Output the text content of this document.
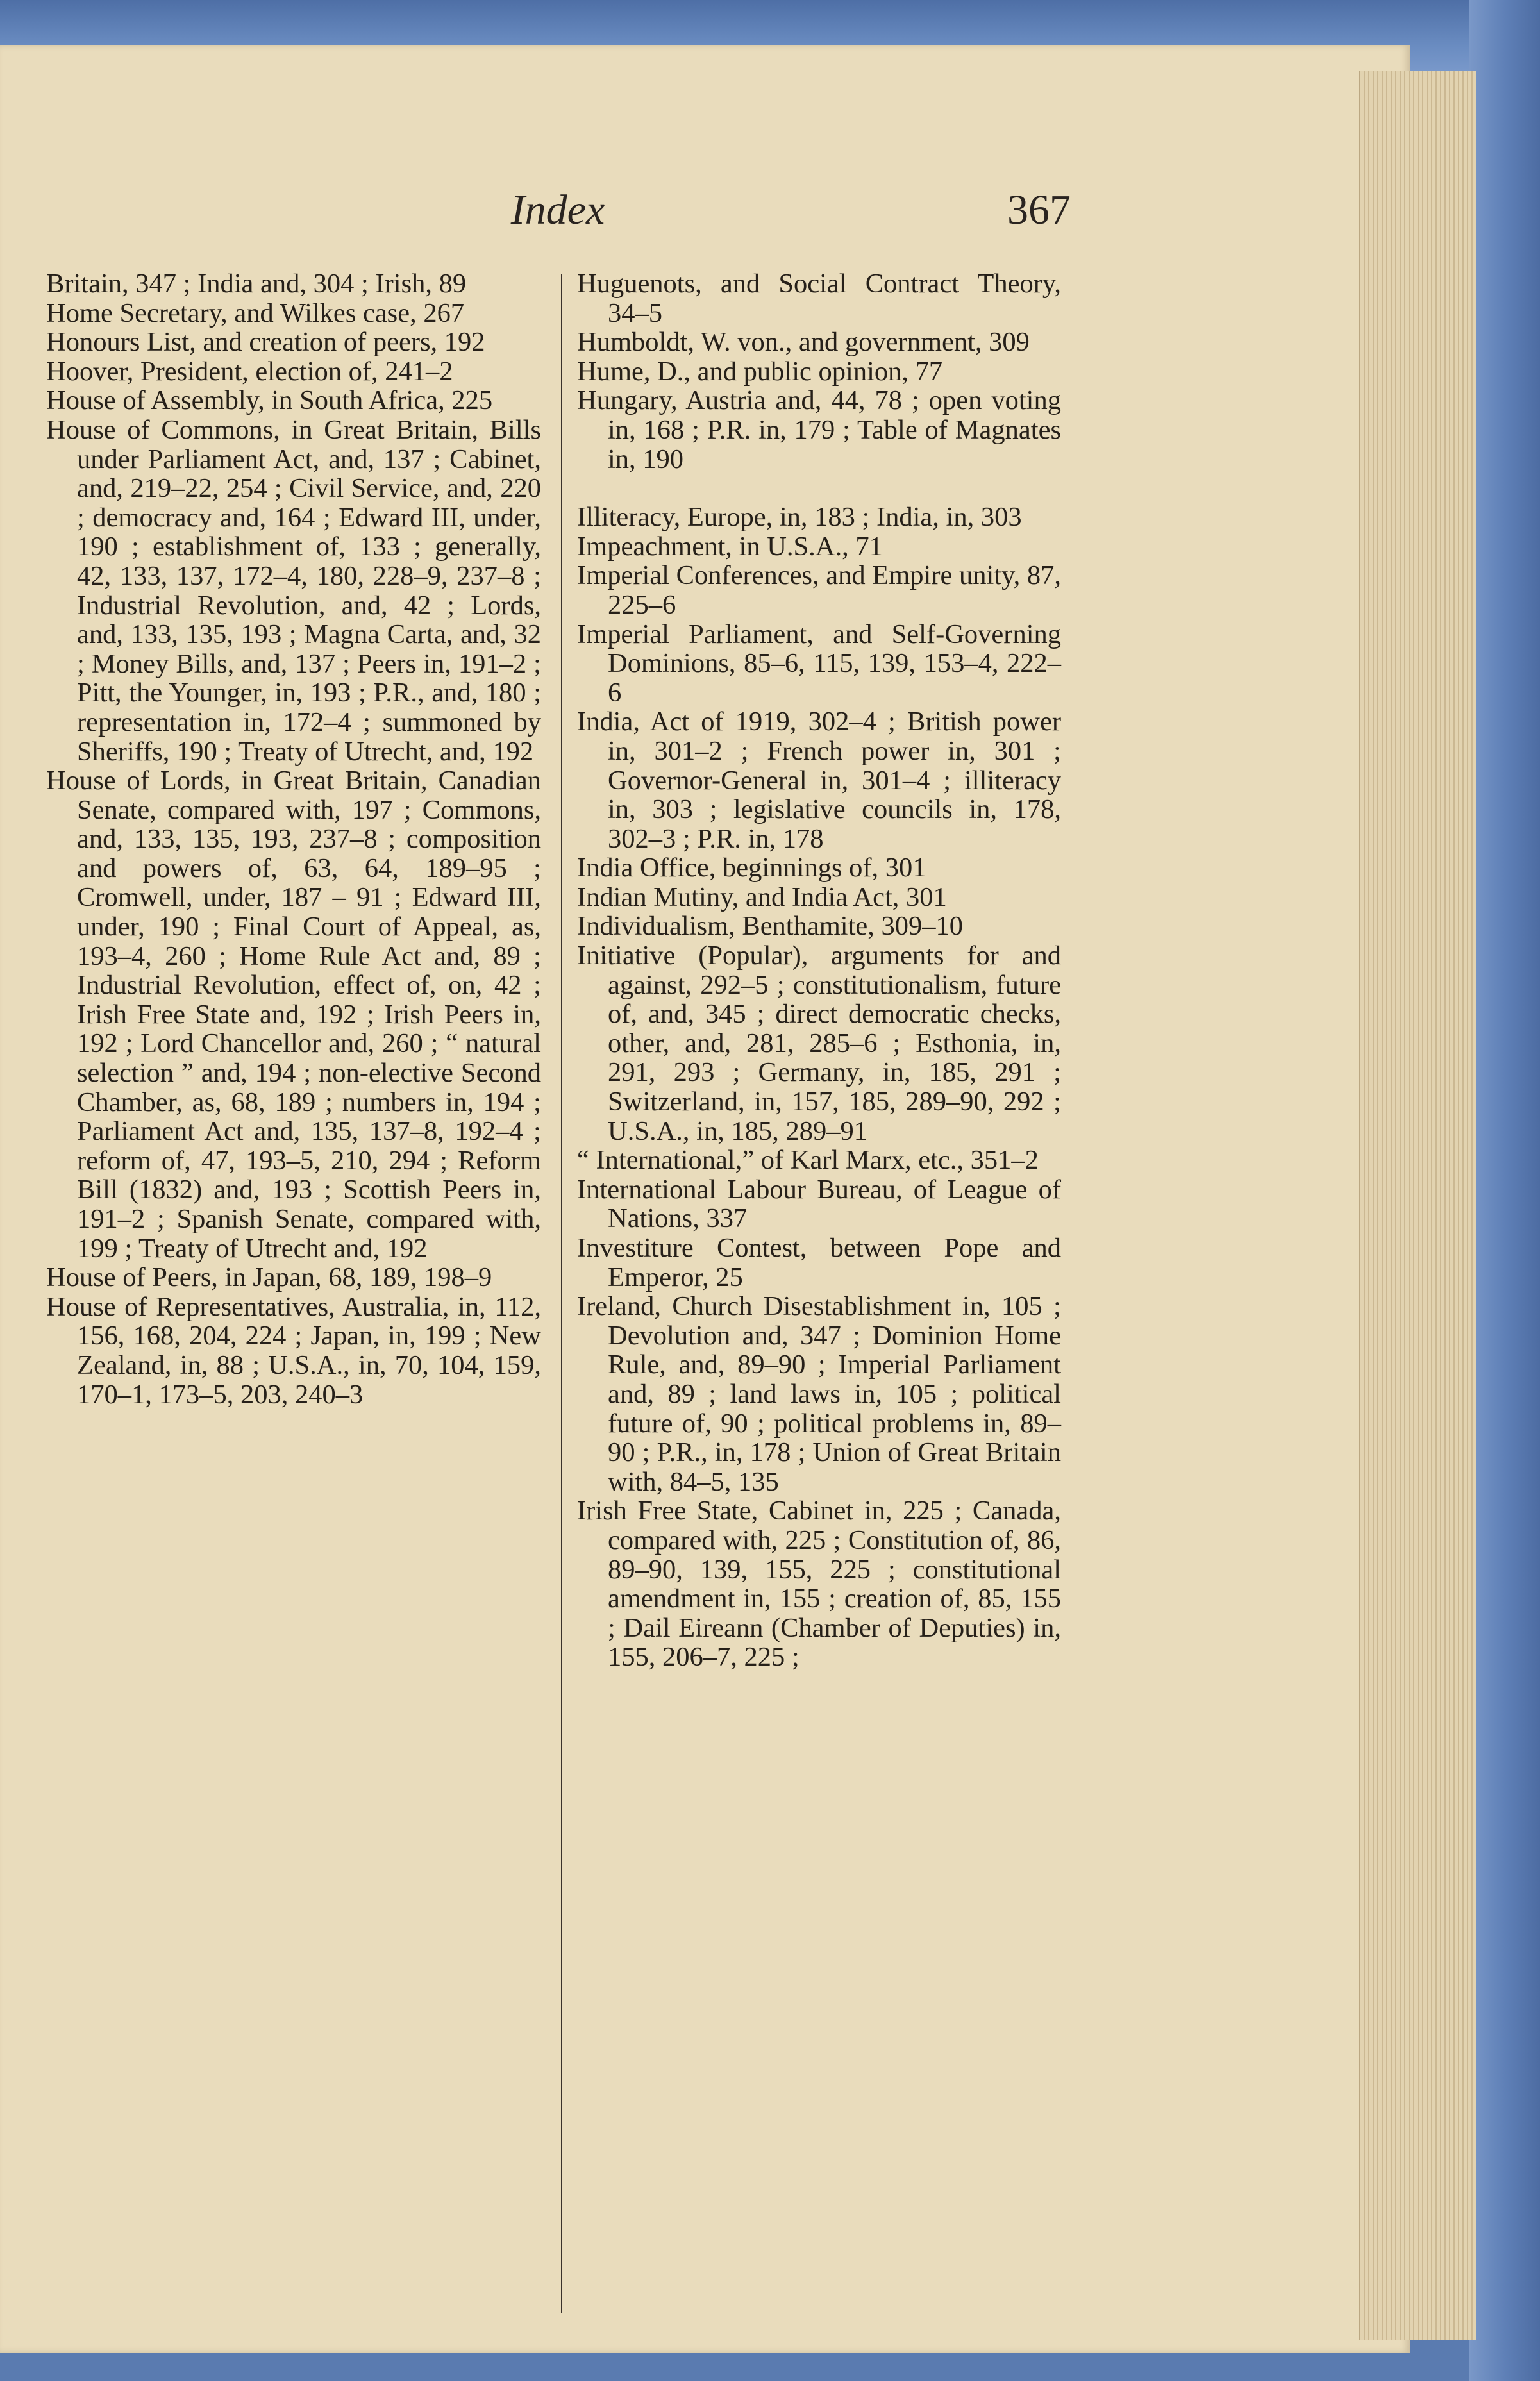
Index	367

Britain, 347 ; India and, 304 ; Irish, 89

Home Secretary, and Wilkes case, 267

Honours List, and creation of peers, 192

Hoover, President, election of, 241–2

House of Assembly, in South Africa, 225

House of Commons, in Great Britain, Bills under Parliament Act, and, 137 ; Cabinet, and, 219–22, 254 ; Civil Service, and, 220 ; democracy and, 164 ; Edward III, under, 190 ; establishment of, 133 ; generally, 42, 133, 137, 172–4, 180, 228–9, 237–8 ; Industrial Revolution, and, 42 ; Lords, and, 133, 135, 193 ; Magna Carta, and, 32 ; Money Bills, and, 137 ; Peers in, 191–2 ; Pitt, the Younger, in, 193 ; P.R., and, 180 ; representation in, 172–4 ; summoned by Sheriffs, 190 ; Treaty of Utrecht, and, 192

House of Lords, in Great Britain, Canadian Senate, compared with, 197 ; Commons, and, 133, 135, 193, 237–8 ; composition and powers of, 63, 64, 189–95 ; Cromwell, under, 187 – 91 ; Edward III, under, 190 ; Final Court of Appeal, as, 193–4, 260 ; Home Rule Act and, 89 ; Industrial Revolution, effect of, on, 42 ; Irish Free State and, 192 ; Irish Peers in, 192 ; Lord Chancellor and, 260 ; “ natural selection ” and, 194 ; non-elective Second Chamber, as, 68, 189 ; numbers in, 194 ; Parliament Act and, 135, 137–8, 192–4 ; reform of, 47, 193–5, 210, 294 ; Reform Bill (1832) and, 193 ; Scottish Peers in, 191–2 ; Spanish Senate, compared with, 199 ; Treaty of Utrecht and, 192

House of Peers, in Japan, 68, 189, 198–9

House of Representatives, Australia, in, 112, 156, 168, 204, 224 ; Japan, in, 199 ; New Zealand, in, 88 ; U.S.A., in, 70, 104, 159, 170–1, 173–5, 203, 240–3

Huguenots, and Social Contract Theory, 34–5

Humboldt, W. von., and government, 309

Hume, D., and public opinion, 77

Hungary, Austria and, 44, 78 ; open voting in, 168 ; P.R. in, 179 ; Table of Magnates in, 190

Illiteracy, Europe, in, 183 ; India, in, 303

Impeachment, in U.S.A., 71

Imperial Conferences, and Empire unity, 87, 225–6

Imperial Parliament, and Self-Governing Dominions, 85–6, 115, 139, 153–4, 222–6

India, Act of 1919, 302–4 ; British power in, 301–2 ; French power in, 301 ; Governor-General in, 301–4 ; illiteracy in, 303 ; legislative councils in, 178, 302–3 ; P.R. in, 178

India Office, beginnings of, 301

Indian Mutiny, and India Act, 301

Individualism, Benthamite, 309–10

Initiative (Popular), arguments for and against, 292–5 ; constitutionalism, future of, and, 345 ; direct democratic checks, other, and, 281, 285–6 ; Esthonia, in, 291, 293 ; Germany, in, 185, 291 ; Switzerland, in, 157, 185, 289–90, 292 ; U.S.A., in, 185, 289–91

“ International,” of Karl Marx, etc., 351–2

International Labour Bureau, of League of Nations, 337

Investiture Contest, between Pope and Emperor, 25

Ireland, Church Disestablishment in, 105 ; Devolution and, 347 ; Dominion Home Rule, and, 89–90 ; Imperial Parliament and, 89 ; land laws in, 105 ; political future of, 90 ; political problems in, 89–90 ; P.R., in, 178 ; Union of Great Britain with, 84–5, 135

Irish Free State, Cabinet in, 225 ; Canada, compared with, 225 ; Constitution of, 86, 89–90, 139, 155, 225 ; constitutional amendment in, 155 ; creation of, 85, 155 ; Dail Eireann (Chamber of Deputies) in, 155, 206–7, 225 ;
